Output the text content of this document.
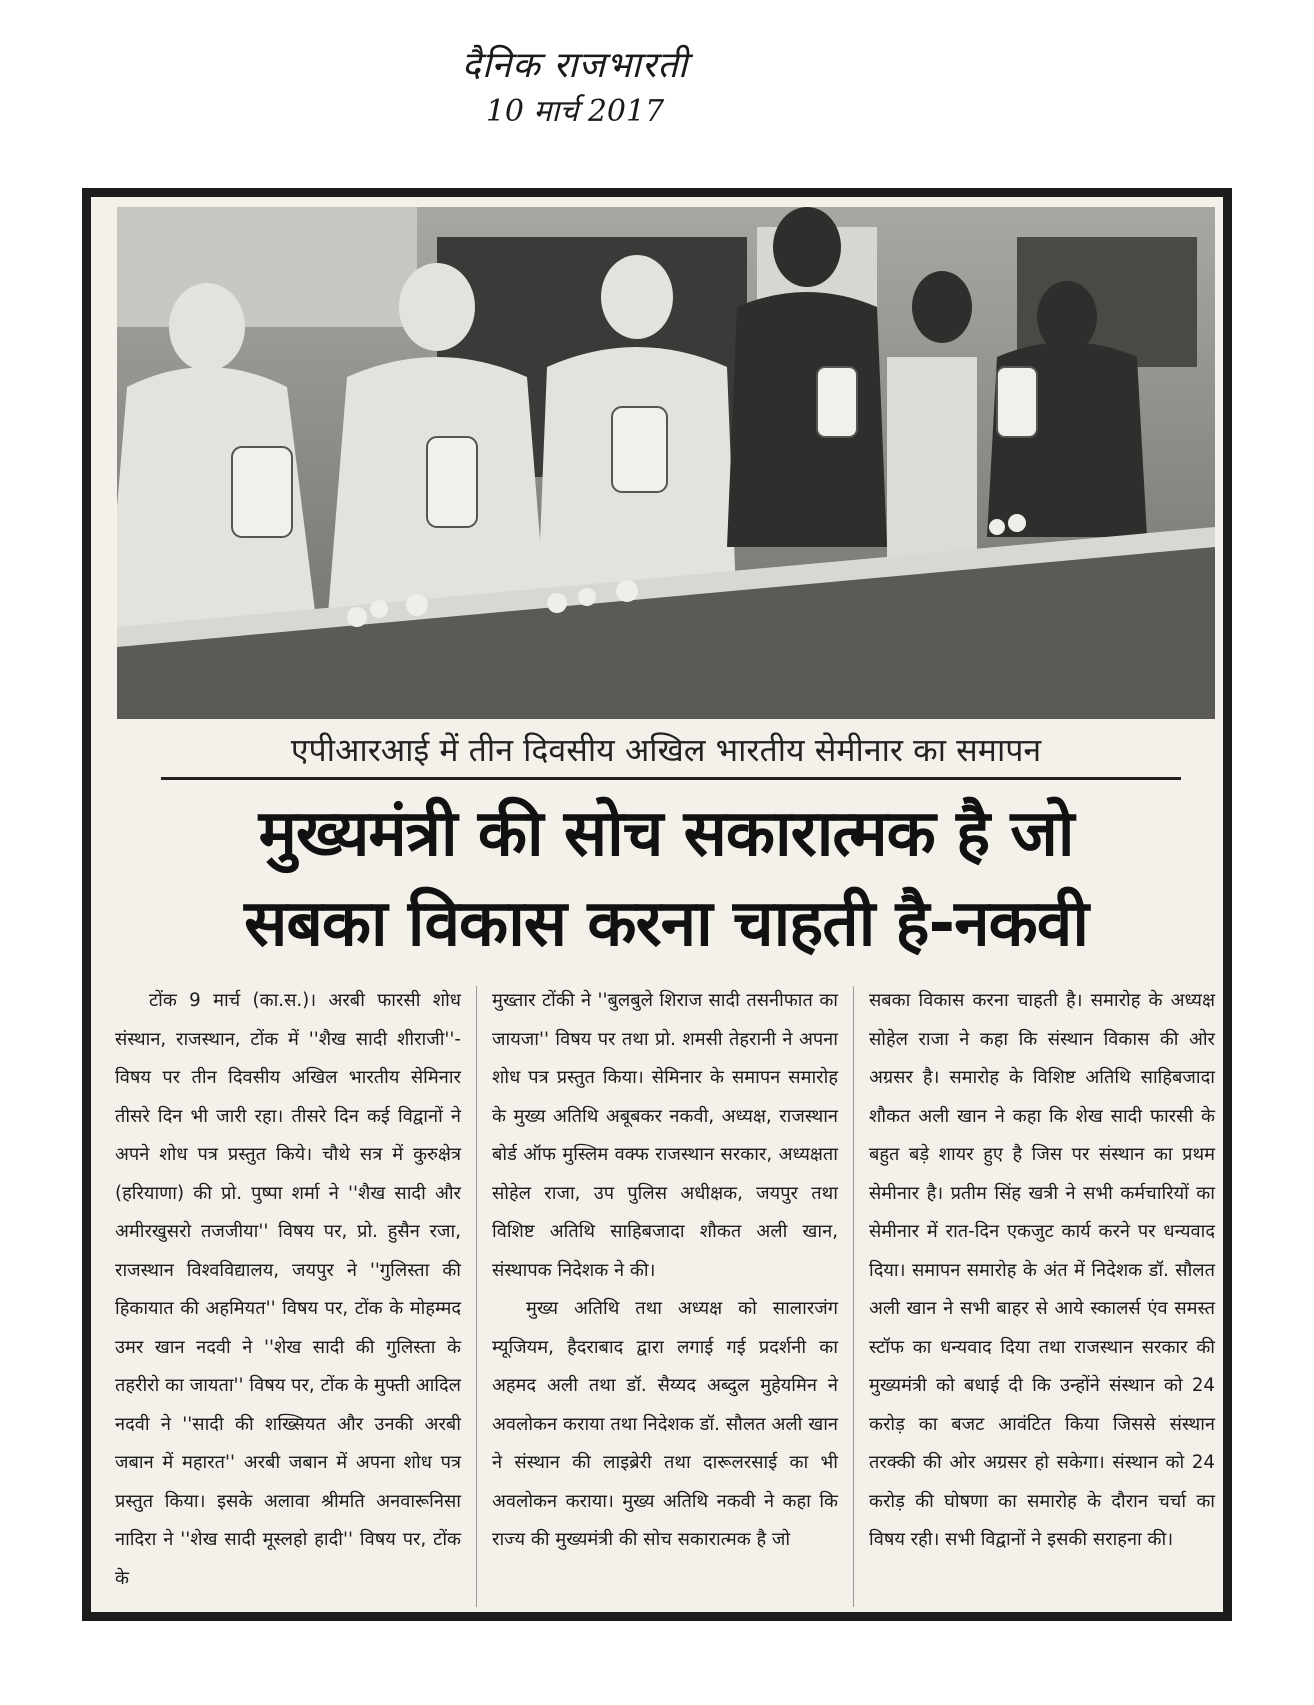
दैनिक राजभारती
10 मार्च 2017
एपीआरआई में तीन दिवसीय अखिल भारतीय सेमीनार का समापन
मुख्यमंत्री की सोच सकारात्मक है जो
सबका विकास करना चाहती है-नकवी

टोंक 9 मार्च (का.स.)। अरबी फारसी शोध संस्थान, राजस्थान, टोंक में ''शैख सादी शीराजी''- विषय पर तीन दिवसीय अखिल भारतीय सेमिनार तीसरे दिन भी जारी रहा। तीसरे दिन कई विद्वानों ने अपने शोध पत्र प्रस्तुत किये। चौथे सत्र में कुरुक्षेत्र (हरियाणा) की प्रो. पुष्पा शर्मा ने ''शैख सादी और अमीरखुसरो तजजीया'' विषय पर, प्रो. हुसैन रजा, राजस्थान विश्वविद्यालय, जयपुर ने ''गुलिस्ता की हिकायात की अहमियत'' विषय पर, टोंक के मोहम्मद उमर खान नदवी ने ''शेख सादी की गुलिस्ता के तहरीरो का जायता'' विषय पर, टोंक के मुफ्ती आदिल नदवी ने ''सादी की शख्सियत और उनकी अरबी जबान में महारत'' अरबी जबान में अपना शोध पत्र प्रस्तुत किया। इसके अलावा श्रीमति अनवारूनिसा नादिरा ने ''शेख सादी मूस्लहो हादी'' विषय पर, टोंक के

मुख्तार टोंकी ने ''बुलबुले शिराज सादी तसनीफात का जायजा'' विषय पर तथा प्रो. शमसी तेहरानी ने अपना शोध पत्र प्रस्तुत किया। सेमिनार के समापन समारोह के मुख्य अतिथि अबूबकर नकवी, अध्यक्ष, राजस्थान बोर्ड ऑफ मुस्लिम वक्फ राजस्थान सरकार, अध्यक्षता सोहेल राजा, उप पुलिस अधीक्षक, जयपुर तथा विशिष्ट अतिथि साहिबजादा शौकत अली खान, संस्थापक निदेशक ने की।

मुख्य अतिथि तथा अध्यक्ष को सालारजंग म्यूजियम, हैदराबाद द्वारा लगाई गई प्रदर्शनी का अहमद अली तथा डॉ. सैय्यद अब्दुल मुहेयमिन ने अवलोकन कराया तथा निदेशक डॉ. सौलत अली खान ने संस्थान की लाइब्रेरी तथा दारूलरसाई का भी अवलोकन कराया। मुख्य अतिथि नकवी ने कहा कि राज्य की मुख्यमंत्री की सोच सकारात्मक है जो

सबका विकास करना चाहती है। समारोह के अध्यक्ष सोहेल राजा ने कहा कि संस्थान विकास की ओर अग्रसर है। समारोह के विशिष्ट अतिथि साहिबजादा शौकत अली खान ने कहा कि शेख सादी फारसी के बहुत बड़े शायर हुए है जिस पर संस्थान का प्रथम सेमीनार है। प्रतीम सिंह खत्री ने सभी कर्मचारियों का सेमीनार में रात-दिन एकजुट कार्य करने पर धन्यवाद दिया। समापन समारोह के अंत में निदेशक डॉ. सौलत अली खान ने सभी बाहर से आये स्कालर्स एंव समस्त स्टॉफ का धन्यवाद दिया तथा राजस्थान सरकार की मुख्यमंत्री को बधाई दी कि उन्होंने संस्थान को 24 करोड़ का बजट आवंटित किया जिससे संस्थान तरक्की की ओर अग्रसर हो सकेगा। संस्थान को 24 करोड़ की घोषणा का समारोह के दौरान चर्चा का विषय रही। सभी विद्वानों ने इसकी सराहना की।
